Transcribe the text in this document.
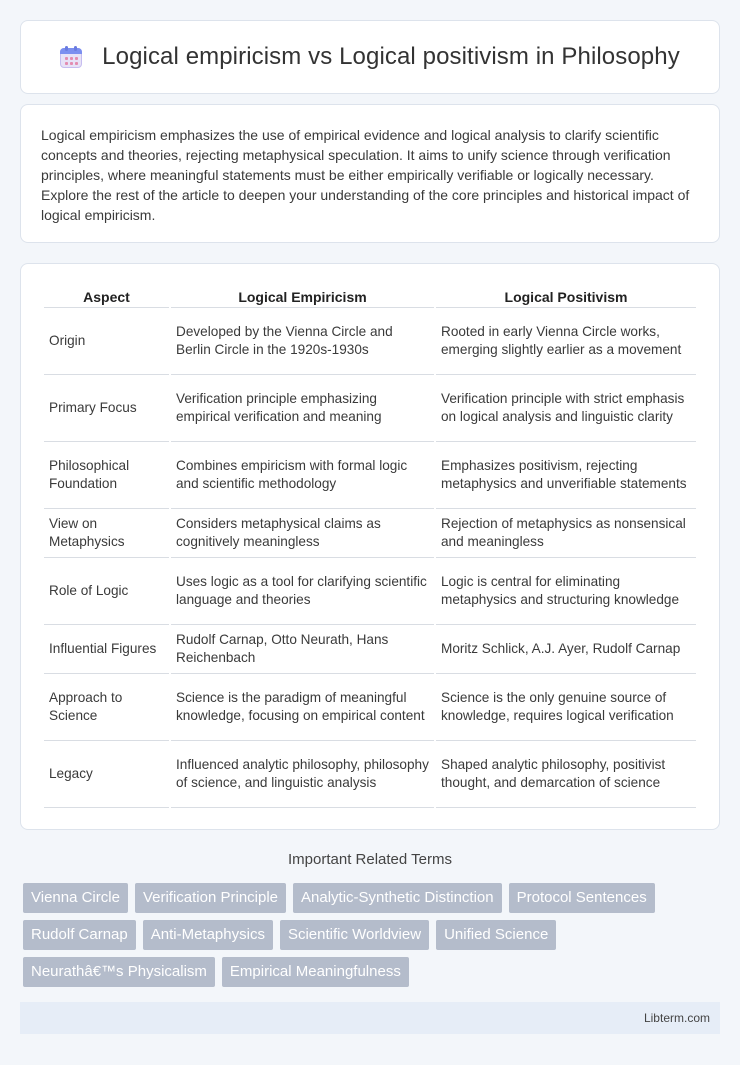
Logical empiricism vs Logical positivism in Philosophy

Logical empiricism emphasizes the use of empirical evidence and logical analysis to clarify scientific concepts and theories, rejecting metaphysical speculation. It aims to unify science through verification principles, where meaningful statements must be either empirically verifiable or logically necessary. Explore the rest of the article to deepen your understanding of the core principles and historical impact of logical empiricism.

Aspect	Logical Empiricism	Logical Positivism
Origin	Developed by the Vienna Circle and Berlin Circle in the 1920s-1930s	Rooted in early Vienna Circle works, emerging slightly earlier as a movement
Primary Focus	Verification principle emphasizing empirical verification and meaning	Verification principle with strict emphasis on logical analysis and linguistic clarity
Philosophical Foundation	Combines empiricism with formal logic and scientific methodology	Emphasizes positivism, rejecting metaphysics and unverifiable statements
View on Metaphysics	Considers metaphysical claims as cognitively meaningless	Rejection of metaphysics as nonsensical and meaningless
Role of Logic	Uses logic as a tool for clarifying scientific language and theories	Logic is central for eliminating metaphysics and structuring knowledge
Influential Figures	Rudolf Carnap, Otto Neurath, Hans Reichenbach	Moritz Schlick, A.J. Ayer, Rudolf Carnap
Approach to Science	Science is the paradigm of meaningful knowledge, focusing on empirical content	Science is the only genuine source of knowledge, requires logical verification
Legacy	Influenced analytic philosophy, philosophy of science, and linguistic analysis	Shaped analytic philosophy, positivist thought, and demarcation of science
Important Related Terms
Vienna Circle	Verification Principle	Analytic-Synthetic Distinction	Protocol Sentences
Rudolf Carnap	Anti-Metaphysics	Scientific Worldview	Unified Science
Neurathâ€™s Physicalism	Empirical Meaningfulness
Libterm.com
